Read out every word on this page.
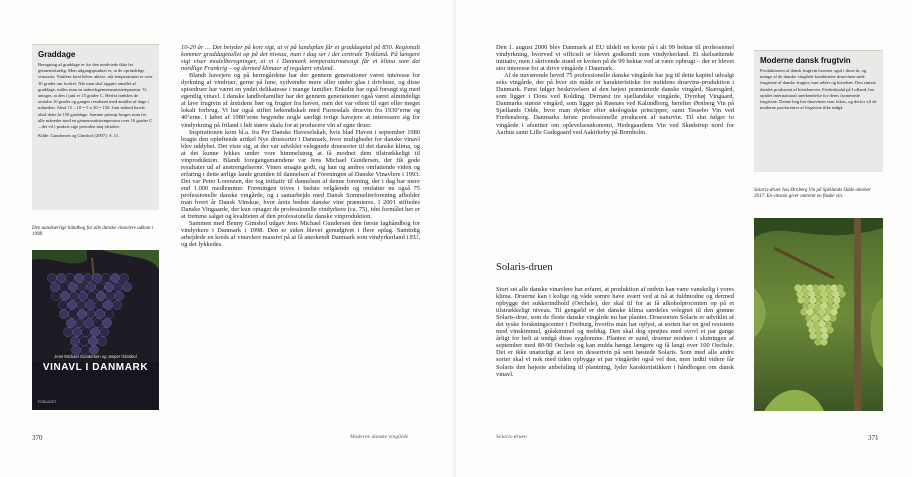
Graddage

Beregning af graddage er for den uindviede ikke let gennemskuelig. Men udgangspunktet er, at de oprindelige vinsorter, Vinifera først bliver aktive, når temperaturen er over 10 grader om foråret. Når man skal opgøre antallet af graddage, måles man en månedsgennemsnitstemperatur. Vi antager, at den i juni er 15 grader C. Herfra trækkes de omtalte 10 grader og ganges resultatet med antallet af dage i måneden. Altså 15 – 10 = 5 x 30 = 150. Juni måned havde altså dette år 150 graddage. Samme princip bruges man for alle måneder med en gennemsnitstemperatur over 10 grader C – det vil i praksis sige perioden maj-oktober.

Kilde: Gundersen og Gimsbol (2007). S. 11.

Den uundværlige håndbog for alle danske vinavlere udkom i 1998.
Jens Michael Gundersen og Jesper Gimsbol
VINAVL I DANMARK
FORLAGET

10-20 år … Det betyder på kort sigt, at vi på landsplan får et graddagetal på 850. Regionalt kommer graddagetallet op på det niveau, man i dag ser i det centrale Tyskland. På længere sigt viser modelberegninger, at vi i Danmark temperaturmæssigt får et klima som det nordlige Frankrig – og dermed klimaer af regulært vinland.

Blandt havejere og på herregårdene har der gennem generationer været interesse for dyrkning af vindruer, gerne på lune, sydvendte mure eller under glas i drivhuse, og disse spisedruer har været en yndet delikatesse i mange familier. Enkelte har også forsøgt sig med egentlig vinavl. I danske landbofamilier har det gennem generationer også været almindeligt at lave frugtvin af årstidens bær og frugter fra haven, men det var oftest til eget eller meget lokalt forbrug. Vi har også stiftet bekendtskab med Fursesdals druevin fra 1930’erne og 40’erne. I løbet af 1980’erne begyndte nogle særligt ivrige havejere at interessere sig for vindyrkning på friland i lidt større skala for at producere vin af egne druer.

Inspirationen kom bl.a. fra Per Danske Haveselskab, hvis blad Haven i september 1980 bragte den opløftende artikel Nye druesorter i Danmark, hvor muligheder for danske vinavl blev uddybet. Det viste sig, at der var udviklet velegnede druesorter til det danske klima, og at det kunne lykkes under vore himmelstrøg at få modnet dem tilstrækkeligt til vinproduktion. Blandt foregangsmændene var Jens Michael Gundersen, der fik gode resultater ud af anstrengelserne. Vinen smagte godt, og han og andres omfattende viden og erfaring i dette ærlige lande grunden til dannelsen af Foreningen af Danske Vinavlere i 1993. Det var Peter Lorenzen, der tog initiativ til dannelsen af denne forening, der i dag har mere end 1.000 medlemmer. Foreningen trives i bedste velgående og omfatter nu også 75 professionelle danske vingårde, og i samarbejde med Dansk Sommelierforening afholder man hvert år Dansk Vinskue, hvor årets bedste danske vine præmieres. I 2001 stiftedes Danske Vingaarde, der kun optager de professionelle vindyrkere (ca. 75), idet formålet her er at fremme salget og kvaliteten af den professionelle danske vinproduktion.

Sammen med Benny Gimsbol udgav Jens Michael Gundersen den første faghåndbog for vindyrkere i Danmark i 1998. Den er siden blevet genudgivet i flere oplag. Samtidig arbejdede en kreds af vinavlere massivt på at få anerkendt Danmark som vindyrkerland i EU, og det lykkedes.

370	Moderne danske vingårde

Den 1. august 2000 blev Danmark af EU tildelt en kvote på i alt 99 hektar til professionel vindyrkning, hvorved vi officielt er blevet godkendt som vindyrkerland. Et skelsættende initiativ, men i skrivende stund er kvoten på de 99 hektar ved at være opbrugt – der er blevet stor interesse for at drive vingårde i Danmark.

Af de nuværende hevrd 75 professionelle danske vingårde har jeg til dette kapitel udvalgt seks vingårde, der på hver sin måde er karakteristiske for nutidens druevins-produktion i Danmark. Først følger beskrivelsen af den højest præmierede danske vingård, Skærsgård, som ligger i Dons ved Kolding. Dernæst tre sjællandske vingårde, Dyrehøj Vingaard, Danmarks største vingård, som ligger på Røsnæs ved Kalundborg, herefter Ørnberg Vin på Sjællands Odde, hvor man dyrker efter økologiske principper, samt Tessebo Vin ved Fredensborg. Danmarks første professionelle producent af naturvin. Til slut følger to vingårde i afsnittet om oplevelsesøkonomi, Hedegaardens Vin ved Skødstrup nord for Aarhus samt Lille Gadegaard ved Aakirkeby på Bornholm.

Solaris-druen

Stort set alle danske vinavlere har erfaret, at produktion af rødvin kan være vanskelig i vores klima. Druerne kan i kolige og våde somre have svært ved at nå at fuldmodne og dermed opbygge det sukkerindhold (Oechsle), der skal til for at få alkoholprocenten op på et tilstrækkeligt niveau. Til gengæld er det danske klima særdeles velegnet til den grønne Solaris-drue, som de fleste danske vingårde nu har plantet. Druesorten Solaris er udviklet af det tyske forskningscenter i Freiburg, hvorfra man har oplyst, at sorten har en god resistens mod vinskimmel, gråskimmel og meldug. Den skal dog sprøjtes med svovl et par gange årligt for helt at undgå disse sygdomme. Planten er sund, drueme modner i slutningen af september med 80-90 Oechsle og kan endda hænge længere og få langt over 100 Oechsle. Det er ikke unaturligt at lave en dessertvin på sent høstede Solaris. Som med alle andre sorter skal vi nok med tiden opbygge et par vingårder også vel den, men indtil videre får Solaris den højeste anbefaling til plantning, lyder karakteristikken i håndbogen om dansk vinavl.

Moderne dansk frugtvin

Produktionen af dansk frugtvin boomer også i disse år, og mange af de danske vingårde kombinerer druevinen med frugtvine af danske frugter, især æbler og kirsebær. Den største danske producent af kirsebærvin, Frederiksdal på Lolland, har opnået international anerkendelse for deres formenede frugtvine. Denne bog har druevinen som fokus, og derfor vil de moderne producenter af frugtvine ikke indgå.

Solaris-druer hos Ørnberg Vin på Sjællands Odde oktober 2017. En vinstok giver omtrent en flaske vin.
Solaris-druen	371
